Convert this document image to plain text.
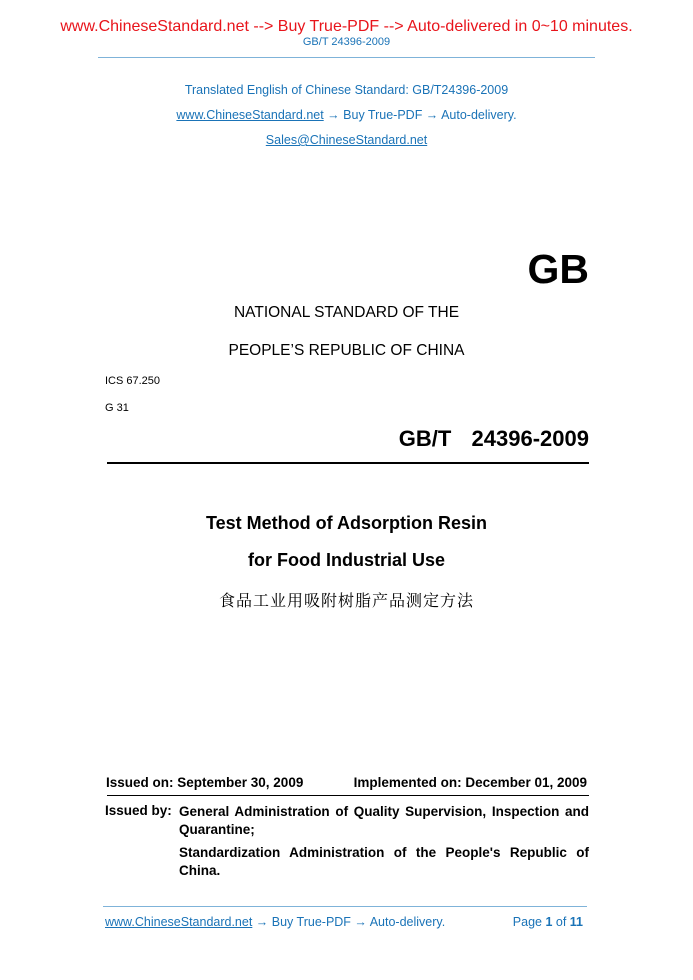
www.ChineseStandard.net --> Buy True-PDF --> Auto-delivered in 0~10 minutes.
GB/T 24396-2009
Translated English of Chinese Standard: GB/T24396-2009
www.ChineseStandard.net → Buy True-PDF → Auto-delivery.
Sales@ChineseStandard.net
GB
NATIONAL STANDARD OF THE
PEOPLE’S REPUBLIC OF CHINA
ICS 67.250
G 31
GB/T  24396-2009
Test Method of Adsorption Resin
for Food Industrial Use
食品工业用吸附树脂产品测定方法
Issued on: September 30, 2009	Implemented on: December 01, 2009
Issued by: General Administration of Quality Supervision, Inspection and Quarantine;
Standardization Administration of the People's Republic of China.
www.ChineseStandard.net → Buy True-PDF → Auto-delivery.	Page 1 of 11
